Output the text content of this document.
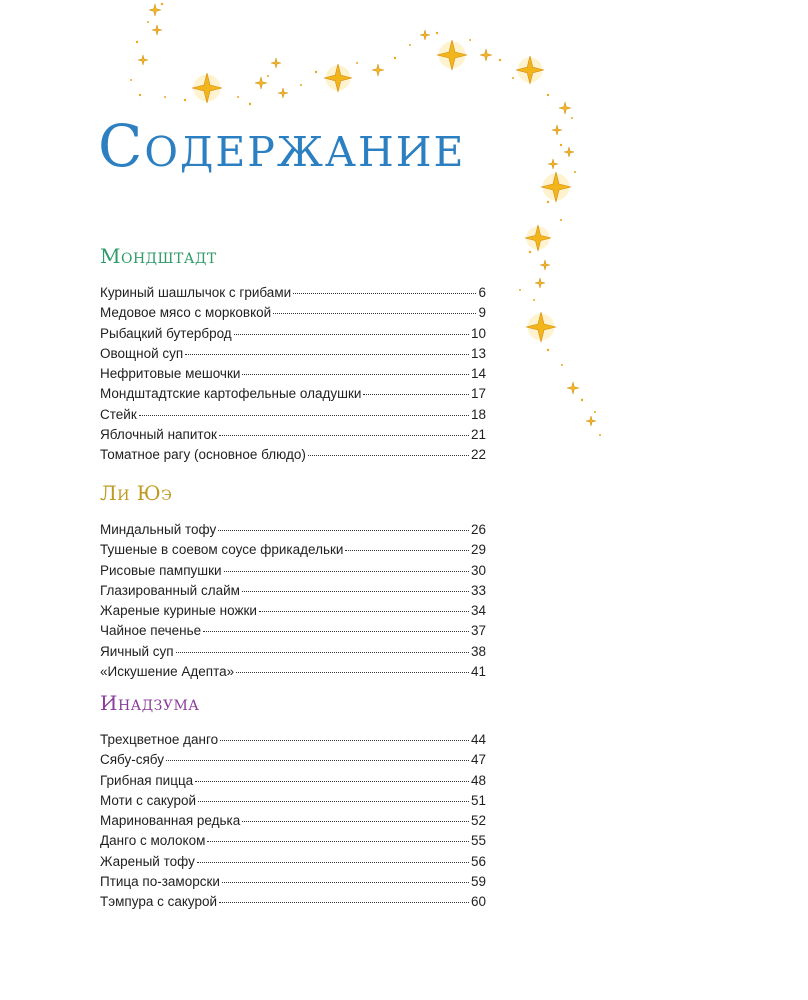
Содержание
Мондштадт
Куриный шашлычок с грибами	6
Медовое мясо с морковкой	9
Рыбацкий бутерброд	10
Овощной суп	13
Нефритовые мешочки	14
Мондштадтские картофельные оладушки	17
Стейк	18
Яблочный напиток	21
Томатное рагу (основное блюдо)	22
Ли Юэ
Миндальный тофу	26
Тушеные в соевом соусе фрикадельки	29
Рисовые пампушки	30
Глазированный слайм	33
Жареные куриные ножки	34
Чайное печенье	37
Яичный суп	38
«Искушение Адепта»	41
Инадзума
Трехцветное данго	44
Сябу-сябу	47
Грибная пицца	48
Моти с сакурой	51
Маринованная редька	52
Данго с молоком	55
Жареный тофу	56
Птица по-заморски	59
Тэмпура с сакурой	60
